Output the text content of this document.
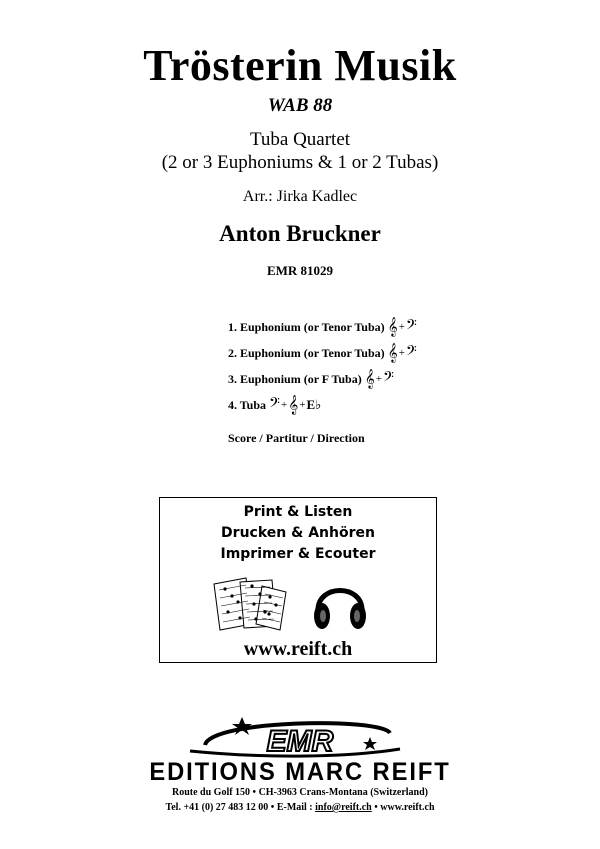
Trösterin Musik
WAB 88
Tuba Quartet
(2 or 3 Euphoniums & 1 or 2 Tubas)
Arr.: Jirka Kadlec
Anton Bruckner
EMR 81029
1. Euphonium (or Tenor Tuba) 𝄞 + 𝄢
2. Euphonium (or Tenor Tuba) 𝄞 + 𝄢
3. Euphonium (or F Tuba) 𝄞 + 𝄢
4. Tuba 𝄢 + 𝄞 + E♭
Score / Partitur / Direction
Print & Listen
Drucken & Anhören
Imprimer & Ecouter
www.reift.ch
EMR
EDITIONS MARC REIFT
Route du Golf 150 • CH-3963 Crans-Montana (Switzerland)
Tel. +41 (0) 27 483 12 00 • E-Mail : info@reift.ch • www.reift.ch
